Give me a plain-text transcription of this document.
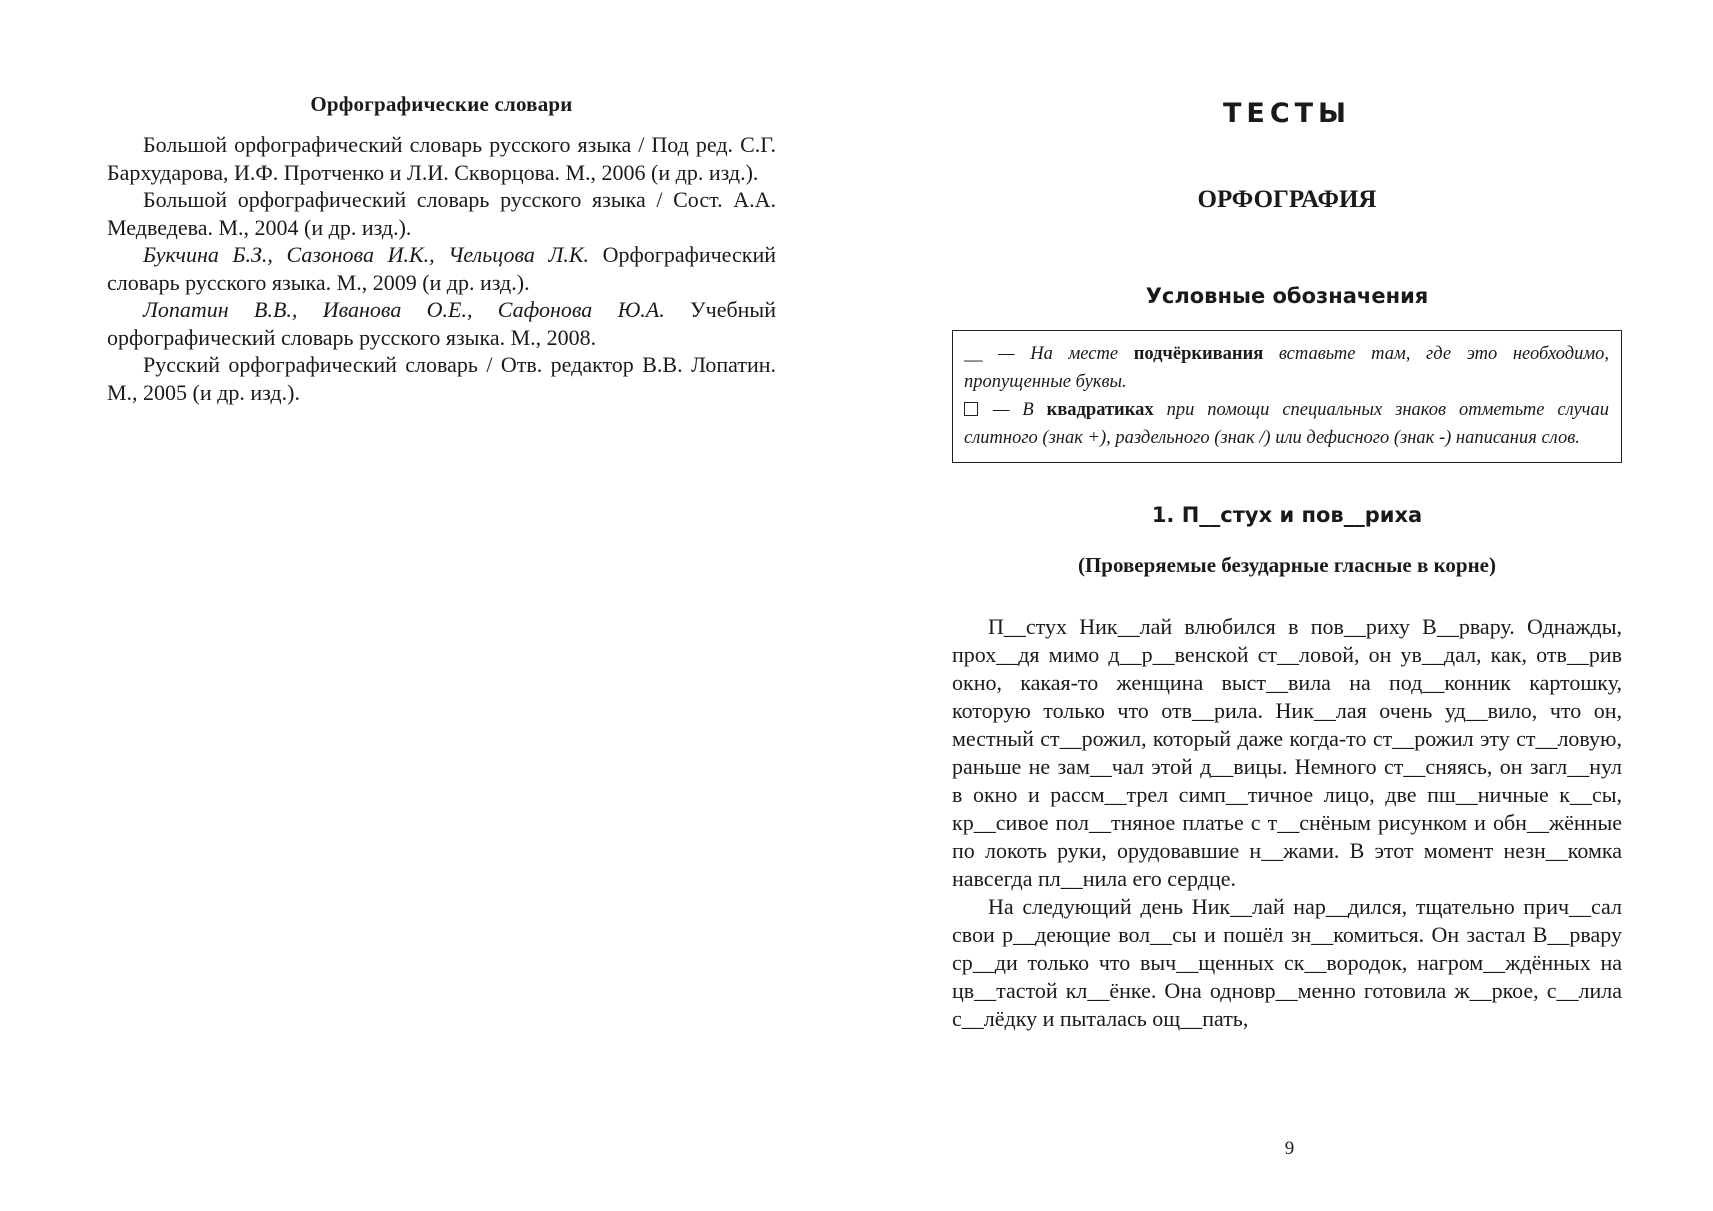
Орфографические словари

Большой орфографический словарь русского языка / Под ред. С.Г. Бархударова, И.Ф. Протченко и Л.И. Скворцова. М., 2006 (и др. изд.).

Большой орфографический словарь русского языка / Сост. А.А. Медведева. М., 2004 (и др. изд.).

Букчина Б.З., Сазонова И.К., Чельцова Л.К. Орфографический словарь русского языка. М., 2009 (и др. изд.).

Лопатин В.В., Иванова О.Е., Сафонова Ю.А. Учебный орфографический словарь русского языка. М., 2008.

Русский орфографический словарь / Отв. редактор В.В. Лопатин. М., 2005 (и др. изд.).

ТЕСТЫ
ОРФОГРАФИЯ
Условные обозначения

__ — На месте подчёркивания вставьте там, где это необходимо, пропущенные буквы.

— В квадратиках при помощи специальных знаков отметьте случаи слитного (знак +), раздельного (знак /) или дефисного (знак -) написания слов.

1. П__стух и пов__риха
(Проверяемые безударные гласные в корне)

П__стух Ник__лай влюбился в пов__риху В__рвару. Однажды, прох__дя мимо д__р__венской ст__ловой, он ув__дал, как, отв__рив окно, какая-то женщина выст__вила на под__конник картошку, которую только что отв__рила. Ник__лая очень уд__вило, что он, местный ст__рожил, который даже когда-то ст__рожил эту ст__ловую, раньше не зам__чал этой д__вицы. Немного ст__сняясь, он загл__нул в окно и рассм__трел симп__тичное лицо, две пш__ничные к__сы, кр__сивое пол__тняное платье с т__снёным рисунком и обн__жённые по локоть руки, орудовавшие н__жами. В этот момент незн__комка навсегда пл__нила его сердце.

На следующий день Ник__лай нар__дился, тщательно прич__сал свои р__деющие вол__сы и пошёл зн__комиться. Он застал В__рвару ср__ди только что выч__щенных ск__вородок, нагром__ждённых на цв__тастой кл__ёнке. Она одновр__менно готовила ж__ркое, с__лила с__лёдку и пыталась ощ__пать,

9
